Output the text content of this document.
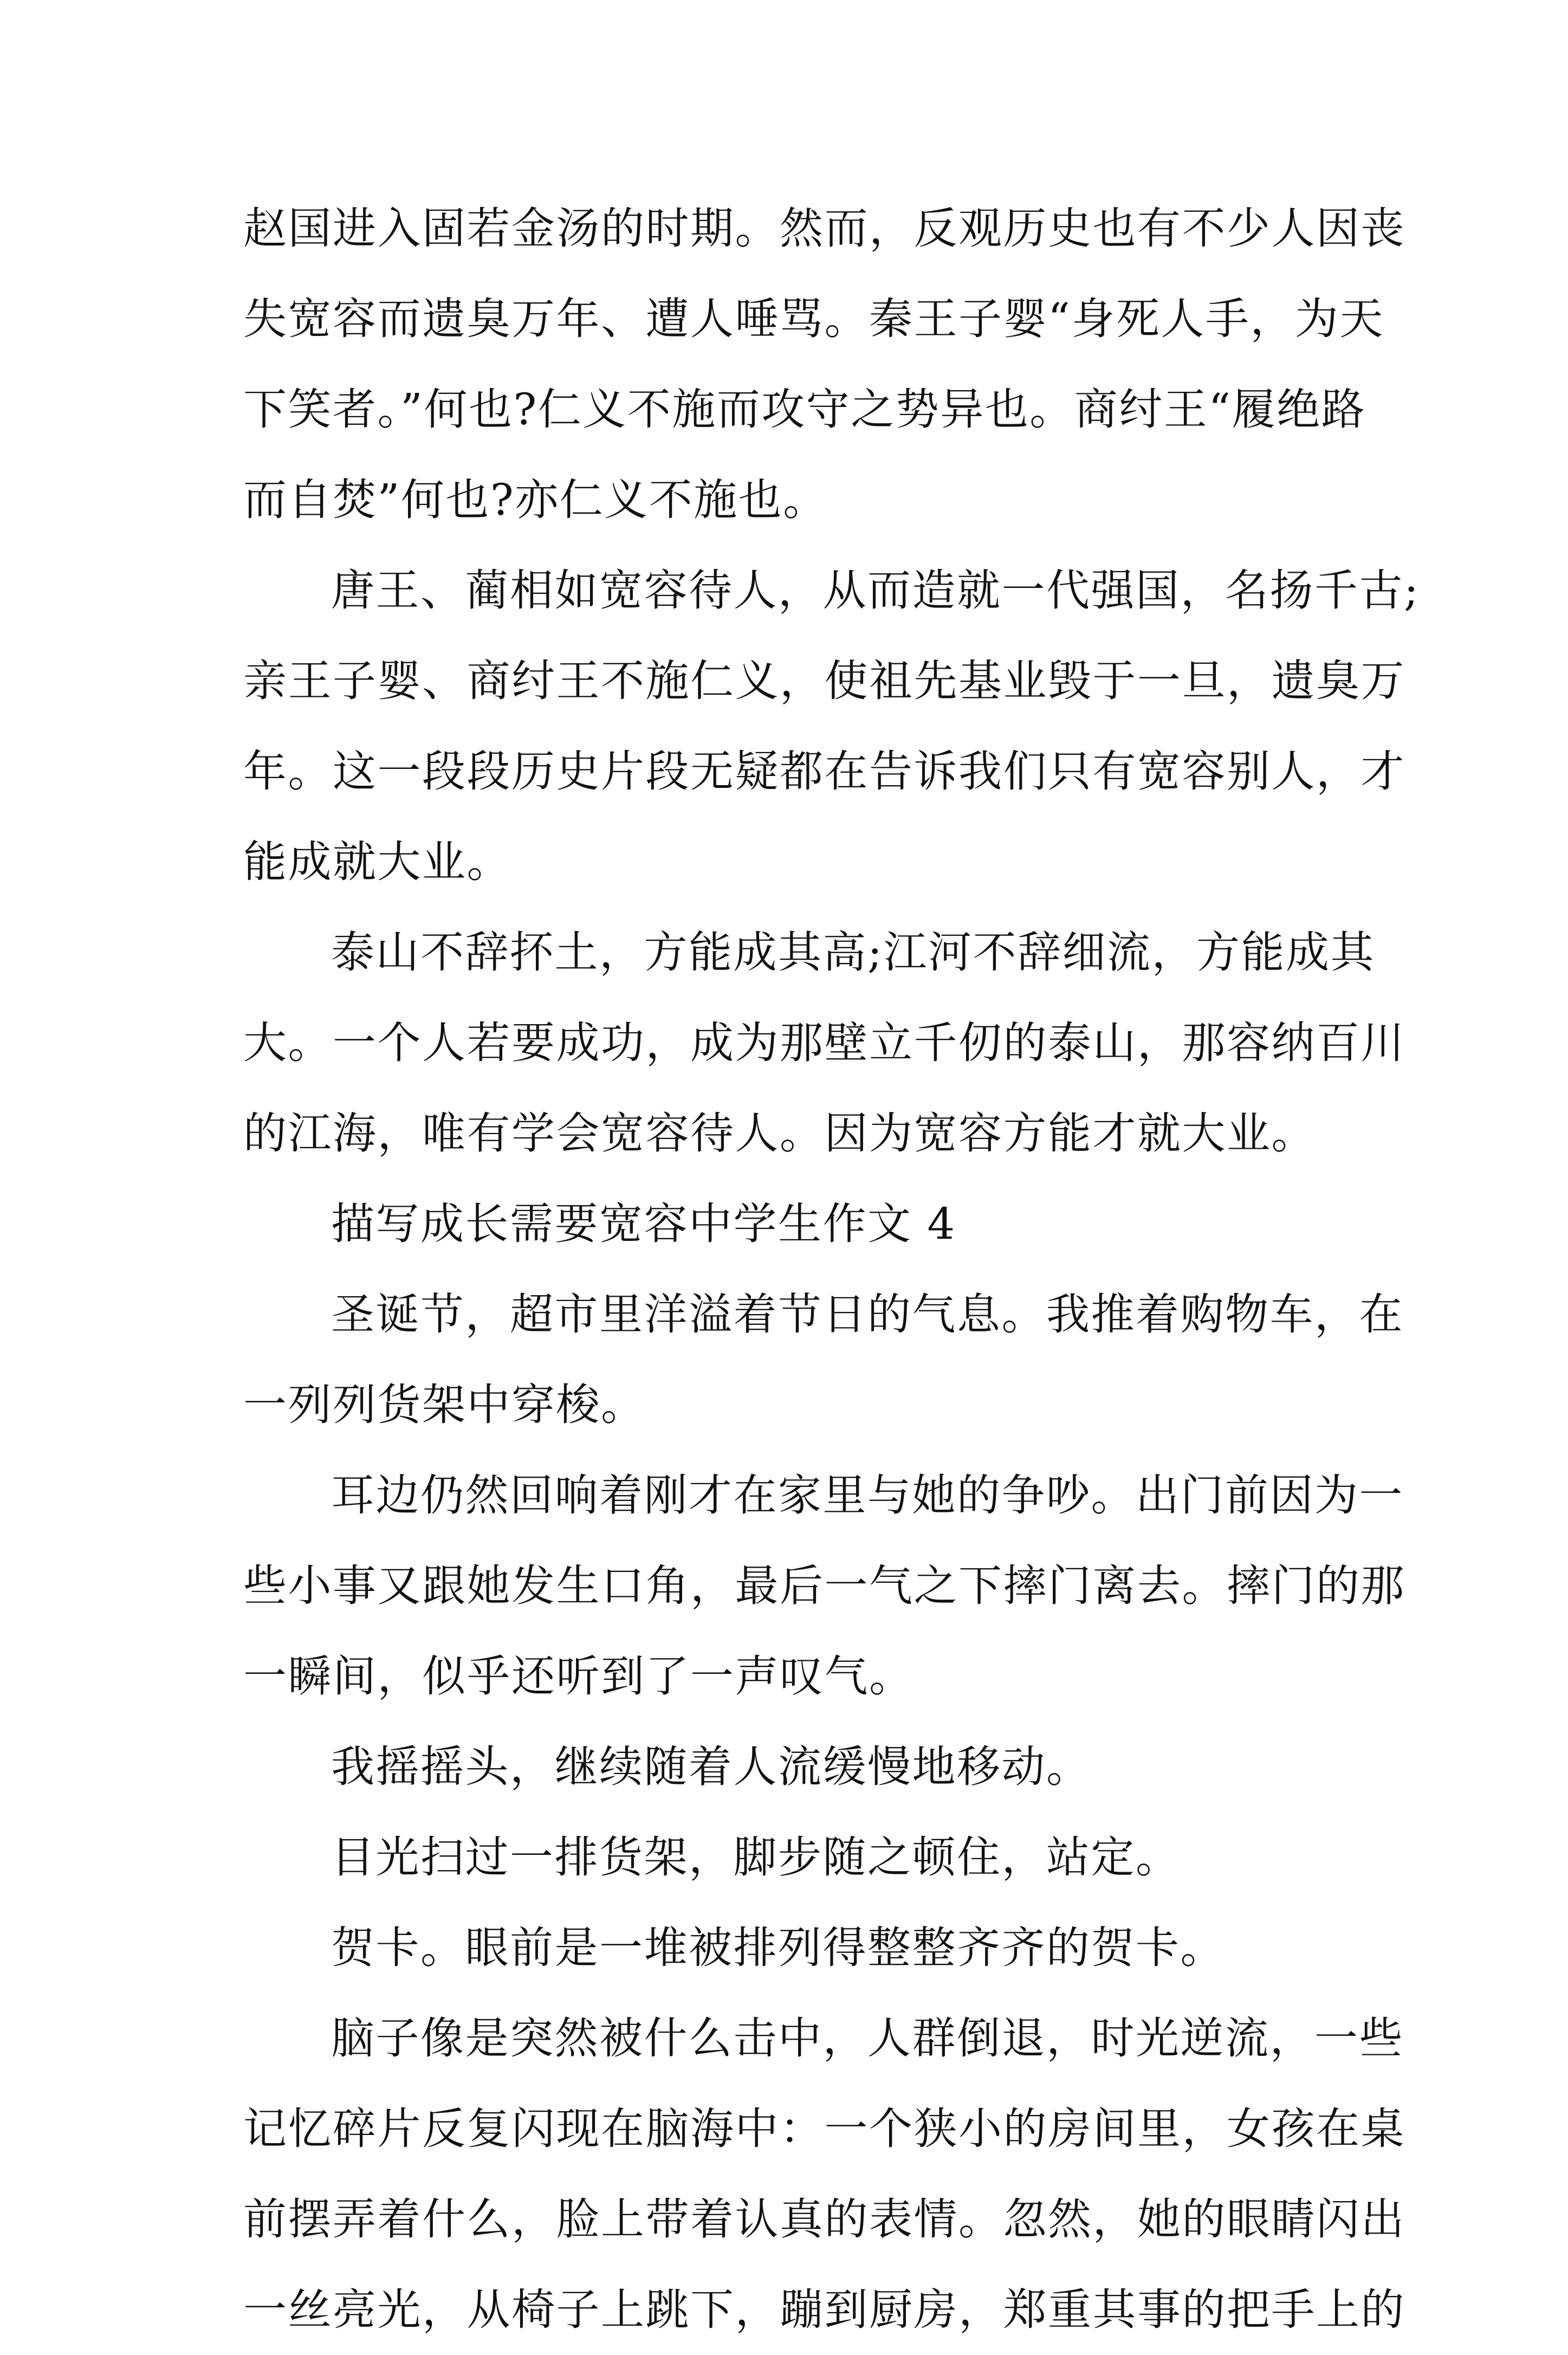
赵国进入固若金汤的时期。然而，反观历史也有不少人因丧
失宽容而遗臭万年、遭人唾骂。秦王子婴“身死人手，为天
下笑者。”何也?仁义不施而攻守之势异也。商纣王“履绝路
而自焚”何也?亦仁义不施也。
唐王、蔺相如宽容待人，从而造就一代强国，名扬千古;
亲王子婴、商纣王不施仁义，使祖先基业毁于一旦，遗臭万
年。这一段段历史片段无疑都在告诉我们只有宽容别人，才
能成就大业。
泰山不辞抔土，方能成其高;江河不辞细流，方能成其
大。一个人若要成功，成为那壁立千仞的泰山，那容纳百川
的江海，唯有学会宽容待人。因为宽容方能才就大业。
描写成长需要宽容中学生作文 4
圣诞节，超市里洋溢着节日的气息。我推着购物车，在
一列列货架中穿梭。
耳边仍然回响着刚才在家里与她的争吵。出门前因为一
些小事又跟她发生口角，最后一气之下摔门离去。摔门的那
一瞬间，似乎还听到了一声叹气。
我摇摇头，继续随着人流缓慢地移动。
目光扫过一排货架，脚步随之顿住，站定。
贺卡。眼前是一堆被排列得整整齐齐的贺卡。
脑子像是突然被什么击中，人群倒退，时光逆流，一些
记忆碎片反复闪现在脑海中：一个狭小的房间里，女孩在桌
前摆弄着什么，脸上带着认真的表情。忽然，她的眼睛闪出
一丝亮光，从椅子上跳下，蹦到厨房，郑重其事的把手上的
